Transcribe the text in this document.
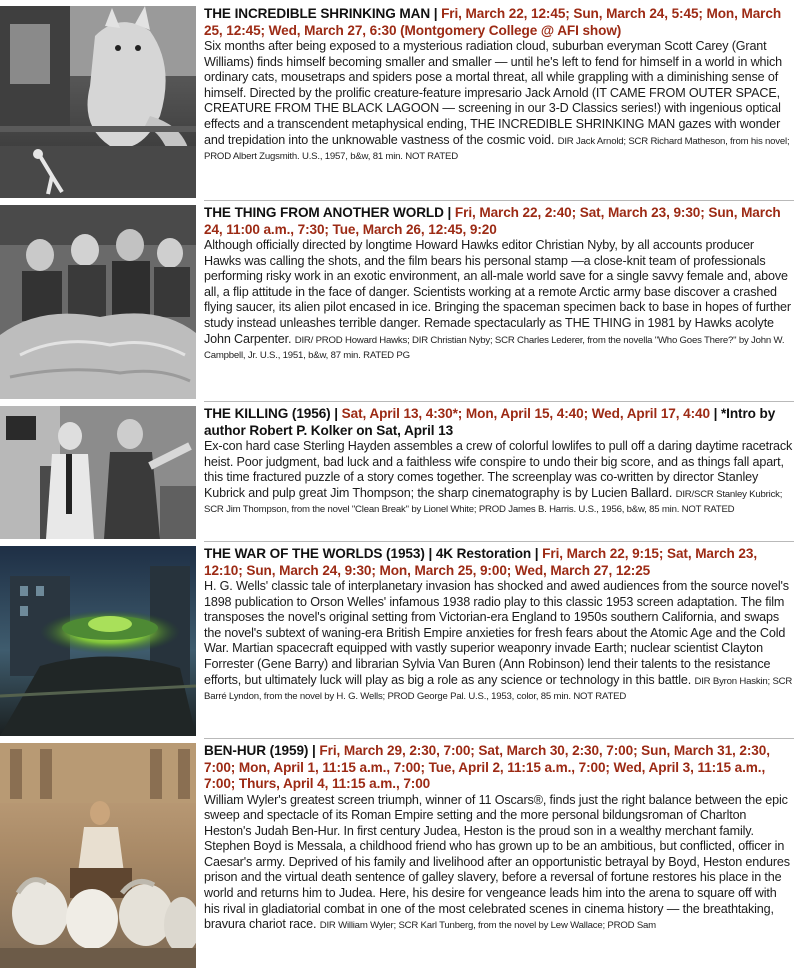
THE INCREDIBLE SHRINKING MAN | Fri, March 22, 12:45; Sun, March 24, 5:45; Mon, March 25, 12:45; Wed, March 27, 6:30 (Montgomery College @ AFI show)
Six months after being exposed to a mysterious radiation cloud, suburban everyman Scott Carey (Grant Williams) finds himself becoming smaller and smaller — until he's left to fend for himself in a world in which ordinary cats, mousetraps and spiders pose a mortal threat, all while grappling with a diminishing sense of himself. Directed by the prolific creature-feature impresario Jack Arnold (IT CAME FROM OUTER SPACE, CREATURE FROM THE BLACK LAGOON — screening in our 3-D Classics series!) with ingenious optical effects and a transcendent metaphysical ending, THE INCREDIBLE SHRINKING MAN gazes with wonder and trepidation into the unknowable vastness of the cosmic void. DIR Jack Arnold; SCR Richard Matheson, from his novel; PROD Albert Zugsmith. U.S., 1957, b&w, 81 min. NOT RATED
THE THING FROM ANOTHER WORLD | Fri, March 22, 2:40; Sat, March 23, 9:30; Sun, March 24, 11:00 a.m., 7:30; Tue, March 26, 12:45, 9:20
Although officially directed by longtime Howard Hawks editor Christian Nyby, by all accounts producer Hawks was calling the shots, and the film bears his personal stamp —a close-knit team of professionals performing risky work in an exotic environment, an all-male world save for a single savvy female and, above all, a flip attitude in the face of danger. Scientists working at a remote Arctic army base discover a crashed flying saucer, its alien pilot encased in ice. Bringing the spaceman specimen back to base in hopes of further study instead unleashes terrible danger. Remade spectacularly as THE THING in 1981 by Hawks acolyte John Carpenter. DIR/ PROD Howard Hawks; DIR Christian Nyby; SCR Charles Lederer, from the novella "Who Goes There?" by John W. Campbell, Jr. U.S., 1951, b&w, 87 min. RATED PG
THE KILLING (1956) | Sat, April 13, 4:30*; Mon, April 15, 4:40; Wed, April 17, 4:40 | *Intro by author Robert P. Kolker on Sat, April 13
Ex-con hard case Sterling Hayden assembles a crew of colorful lowlifes to pull off a daring daytime racetrack heist. Poor judgment, bad luck and a faithless wife conspire to undo their big score, and as things fall apart, this time fractured puzzle of a story comes together. The screenplay was co-written by director Stanley Kubrick and pulp great Jim Thompson; the sharp cinematography is by Lucien Ballard. DIR/SCR Stanley Kubrick; SCR Jim Thompson, from the novel "Clean Break" by Lionel White; PROD James B. Harris. U.S., 1956, b&w, 85 min. NOT RATED
THE WAR OF THE WORLDS (1953) | 4K Restoration | Fri, March 22, 9:15; Sat, March 23, 12:10; Sun, March 24, 9:30; Mon, March 25, 9:00; Wed, March 27, 12:25
H. G. Wells' classic tale of interplanetary invasion has shocked and awed audiences from the source novel's 1898 publication to Orson Welles' infamous 1938 radio play to this classic 1953 screen adaptation. The film transposes the novel's original setting from Victorian-era England to 1950s southern California, and swaps the novel's subtext of waning-era British Empire anxieties for fresh fears about the Atomic Age and the Cold War. Martian spacecraft equipped with vastly superior weaponry invade Earth; nuclear scientist Clayton Forrester (Gene Barry) and librarian Sylvia Van Buren (Ann Robinson) lend their talents to the resistance efforts, but ultimately luck will play as big a role as any science or technology in this battle. DIR Byron Haskin; SCR Barré Lyndon, from the novel by H. G. Wells; PROD George Pal. U.S., 1953, color, 85 min. NOT RATED
BEN-HUR (1959) | Fri, March 29, 2:30, 7:00; Sat, March 30, 2:30, 7:00; Sun, March 31, 2:30, 7:00; Mon, April 1, 11:15 a.m., 7:00; Tue, April 2, 11:15 a.m., 7:00; Wed, April 3, 11:15 a.m., 7:00; Thurs, April 4, 11:15 a.m., 7:00
William Wyler's greatest screen triumph, winner of 11 Oscars®, finds just the right balance between the epic sweep and spectacle of its Roman Empire setting and the more personal bildungsroman of Charlton Heston's Judah Ben-Hur. In first century Judea, Heston is the proud son in a wealthy merchant family. Stephen Boyd is Messala, a childhood friend who has grown up to be an ambitious, but conflicted, officer in Caesar's army. Deprived of his family and livelihood after an opportunistic betrayal by Boyd, Heston endures prison and the virtual death sentence of galley slavery, before a reversal of fortune restores his place in the world and returns him to Judea. Here, his desire for vengeance leads him into the arena to square off with his rival in gladiatorial combat in one of the most celebrated scenes in cinema history — the breathtaking, bravura chariot race. DIR William Wyler; SCR Karl Tunberg, from the novel by Lew Wallace; PROD Sam
